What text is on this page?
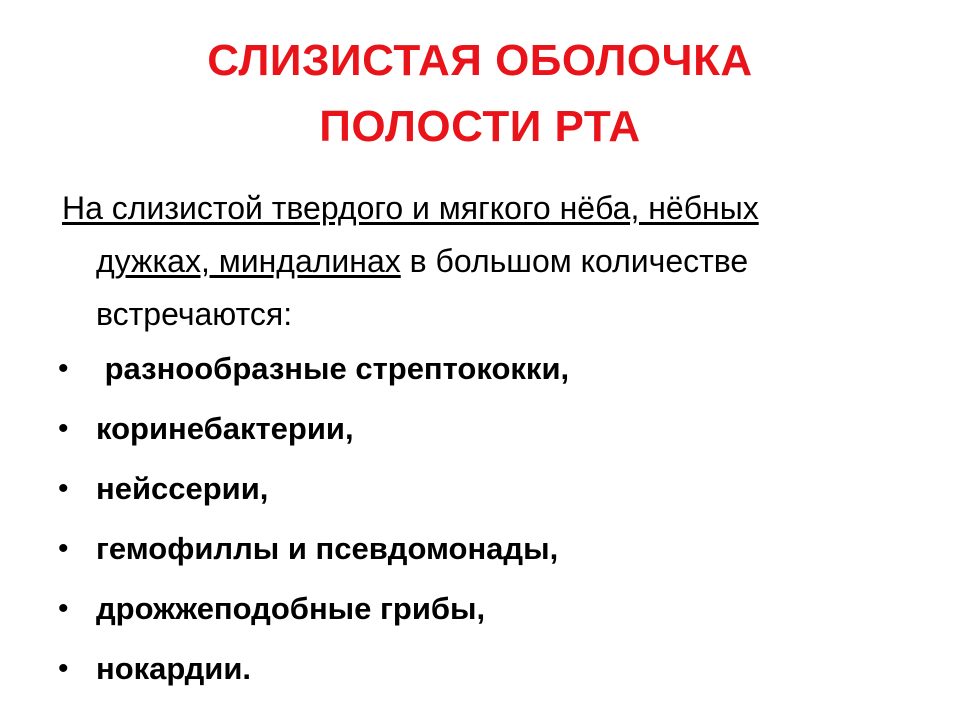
СЛИЗИСТАЯ ОБОЛОЧКА
ПОЛОСТИ РТА
На слизистой твердого и мягкого нёба, нёбных
дужках, миндалинах в большом количестве
встречаются:
• разнообразные стрептококки,
• коринебактерии,
• нейссерии,
• гемофиллы и псевдомонады,
• дрожжеподобные грибы,
• нокардии.
